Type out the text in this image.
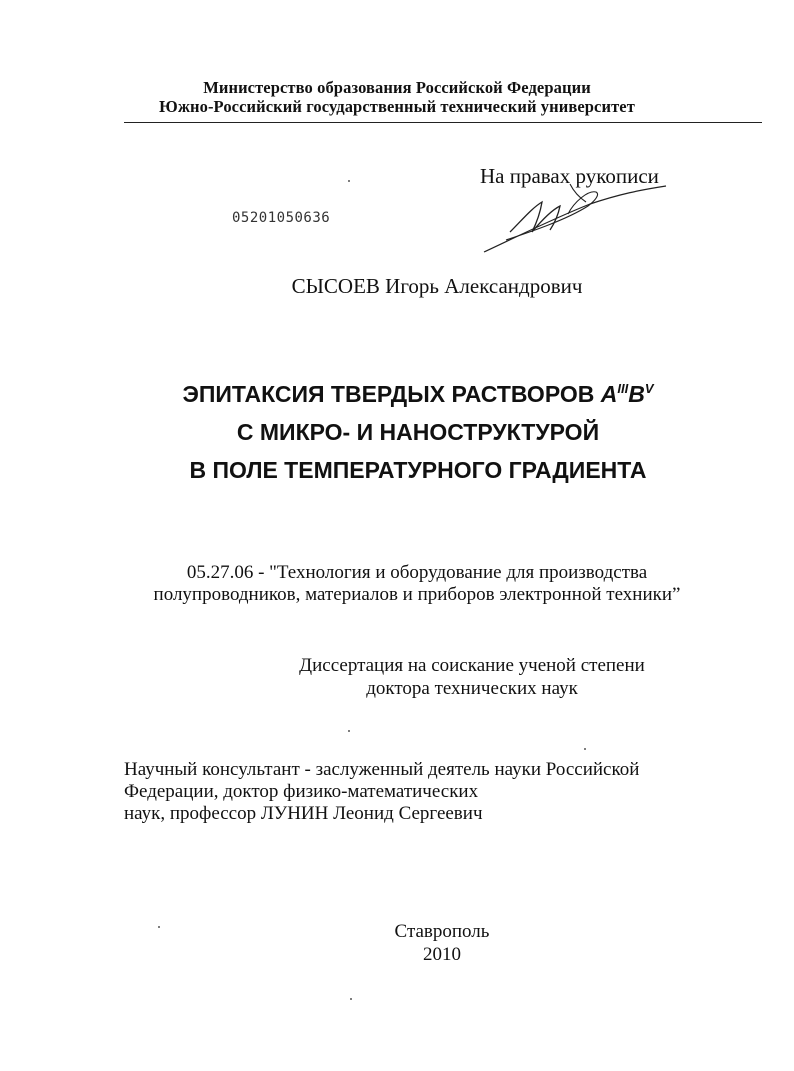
Министерство образования Российской Федерации
Южно-Российский государственный технический университет
На правах рукописи
05201050636
СЫСОЕВ Игорь Александрович
ЭПИТАКСИЯ ТВЕРДЫХ РАСТВОРОВ $A^{III}B^V$
С МИКРО- И НАНОСТРУКТУРОЙ
В ПОЛЕ ТЕМПЕРАТУРНОГО ГРАДИЕНТА
05.27.06 - "Технология и оборудование для производства
полупроводников, материалов и приборов электронной техники”
Диссертация на соискание ученой степени
доктора технических наук
Научный консультант - заслуженный деятель науки Российской
Федерации, доктор физико-математических
наук, профессор ЛУНИН Леонид Сергеевич
Ставрополь
2010
